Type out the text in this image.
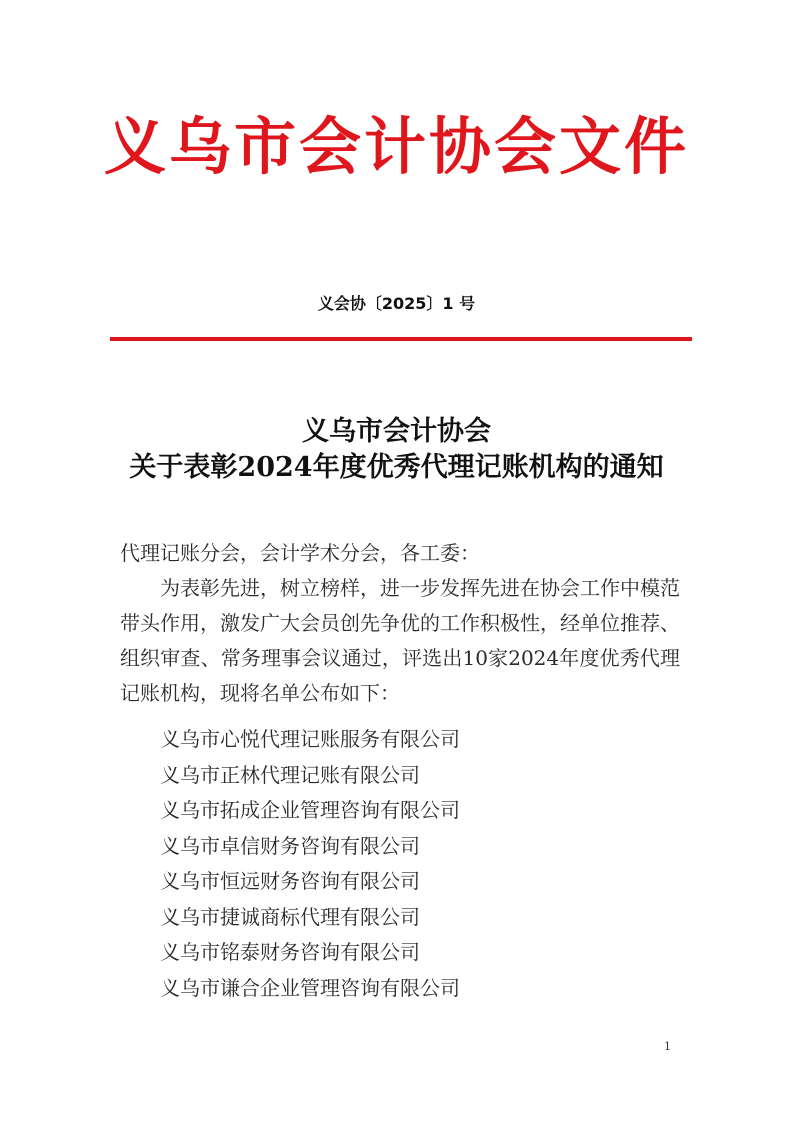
义乌市会计协会文件
义会协〔2025〕1 号
义乌市会计协会
关于表彰2024年度优秀代理记账机构的通知
代理记账分会，会计学术分会，各工委：
为表彰先进，树立榜样，进一步发挥先进在协会工作中模范带头作用，激发广大会员创先争优的工作积极性，经单位推荐、组织审查、常务理事会议通过，评选出10家2024年度优秀代理记账机构，现将名单公布如下：
义乌市心悦代理记账服务有限公司
义乌市正林代理记账有限公司
义乌市拓成企业管理咨询有限公司
义乌市卓信财务咨询有限公司
义乌市恒远财务咨询有限公司
义乌市捷诚商标代理有限公司
义乌市铭泰财务咨询有限公司
义乌市谦合企业管理咨询有限公司
1
